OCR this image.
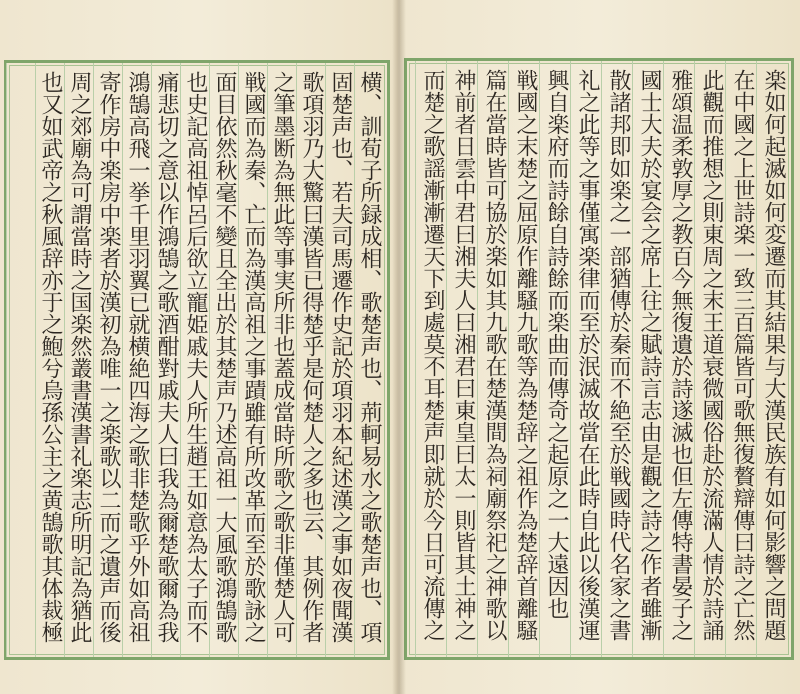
横、訓荀子所録成相、歌楚声也、荊軻易水之歌楚声也、項
固楚声也、若夫司馬遷作史記於項羽本紀述漢之事如夜聞漢
歌項羽乃大驚曰漢皆已得楚乎是何楚人之多也云、其例作者
之筆墨断為無此等事実所非也蓋成當時所歌之歌非僅楚人可
戦國而為秦、亡而為漢高祖之事蹟雖有所改革而至於歌詠之
面目依然秋毫不變且全出於其楚声乃述高祖一大風歌鴻鵠歌
也史記高祖悼呂后欲立寵姫戚夫人所生趙王如意為太子而不
痛悲切之意以作鴻鵠之歌酒酣對戚夫人曰我為爾楚歌爾為我
鴻鵠高飛一挙千里羽翼已就横絶四海之歌非楚歌乎外如高祖
寄作房中楽房中楽者於漢初為唯一之楽歌以二而之遺声而後
周之郊廟為可謂當時之国楽然叢書漢書礼楽志所明記為猶此
也又如武帝之秋風辞亦于之鮑兮烏孫公主之黄鵠歌其体裁極
楽如何起滅如何変遷而其結果与大漢民族有如何影響之問題
在中國之上世詩楽一致三百篇皆可歌無復贅辯傳曰詩之亡然
此觀而推想之則東周之末王道衰微國俗赴於流滿人情於詩誦
雅頌温柔敦厚之教百今無復遺於詩遂滅也但左傳特書晏子之
國士大夫於宴会之席上往之賦詩言志由是觀之詩之作者雖漸
散諸邦即如楽之一部猶傳於秦而不絶至於戦國時代名家之書
礼之此等之事僅寓楽律而至於泯滅故當在此時自此以後漢運
興自楽府而詩餘自詩餘而楽曲而傳奇之起原之一大遠因也
戦國之末楚之屈原作離騷九歌等為楚辞之祖作為楚辞首離騷
篇在當時皆可協於楽如其九歌在楚漢間為祠廟祭祀之神歌以
神前者日雲中君曰湘夫人曰湘君曰東皇曰太一則皆其土神之
而楚之歌謡漸漸遷天下到處莫不耳楚声即就於今日可流傳之
